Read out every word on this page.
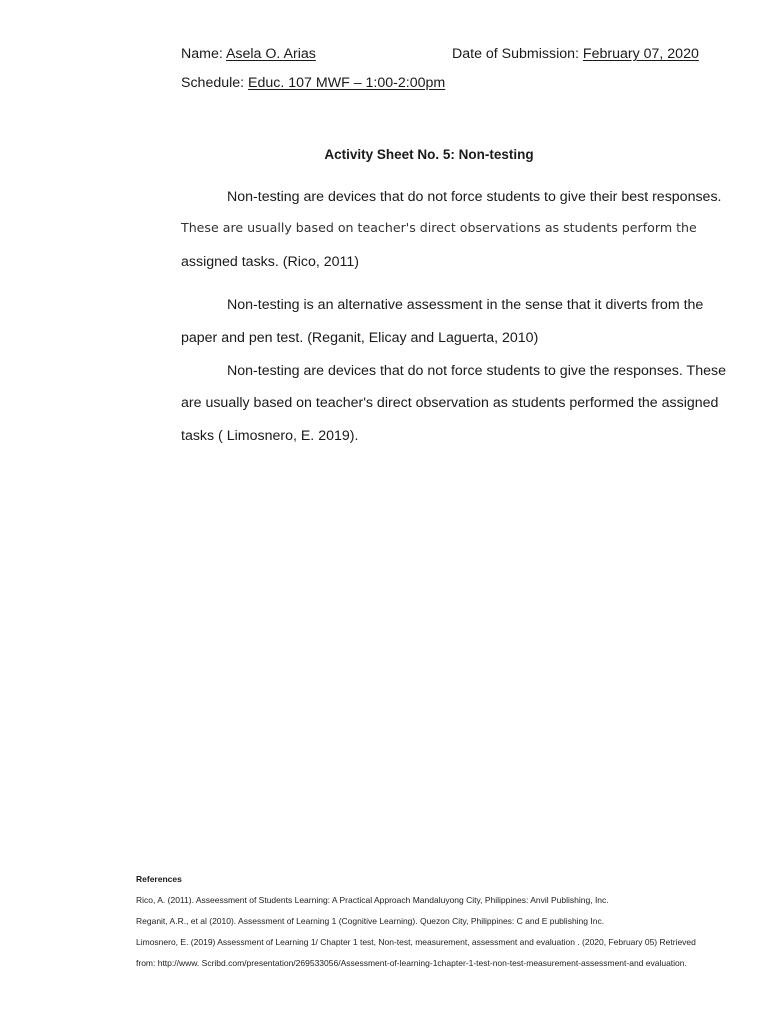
Name: Asela O. Arias	Date of Submission: February 07, 2020
Schedule: Educ. 107 MWF – 1:00-2:00pm
Activity Sheet No. 5: Non-testing
Non-testing are devices that do not force students to give their best responses.
These are usually based on teacher's direct observations as students perform the
assigned tasks. (Rico, 2011)
Non-testing is an alternative assessment in the sense that it diverts from the
paper and pen test. (Reganit, Elicay and Laguerta, 2010)
Non-testing are devices that do not force students to give the responses. These
are usually based on teacher's direct observation as students performed the assigned
tasks ( Limosnero, E. 2019).
References
Rico, A. (2011). Asseessment of Students Learning: A Practical Approach Mandaluyong City, Philippines: Anvil Publishing, Inc.
Reganit, A.R., et al (2010). Assessment of Learning 1 (Cognitive Learning). Quezon City, Philippines: C and E publishing Inc.
Limosnero, E. (2019) Assessment of Learning 1/ Chapter 1 test, Non-test, measurement, assessment and evaluation . (2020, February 05) Retrieved
from: http://www. Scribd.com/presentation/269533056/Assessment-of-learning-1chapter-1-test-non-test-measurement-assessment-and evaluation.
